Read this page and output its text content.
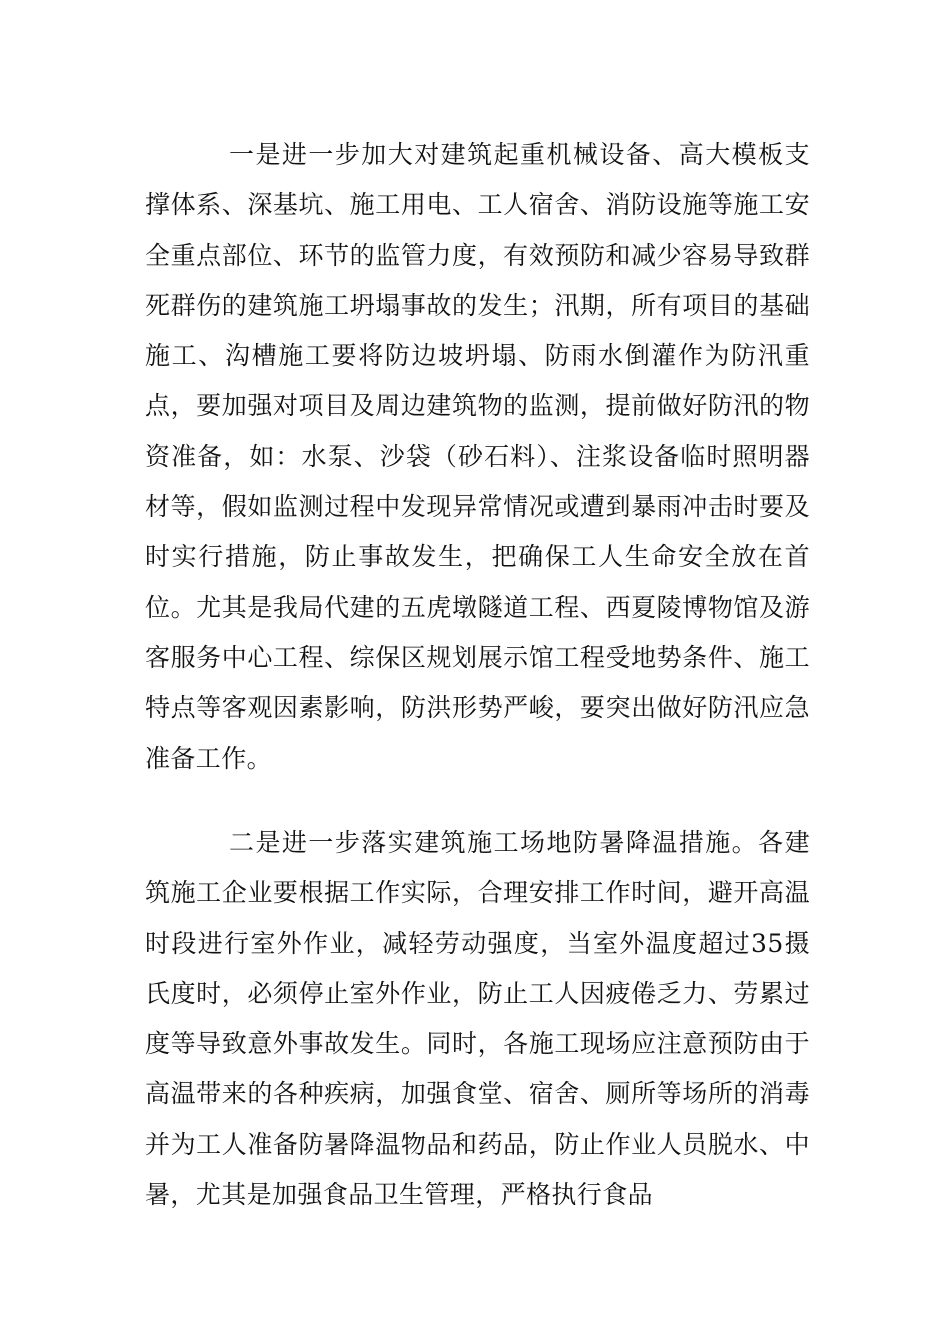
一是进一步加大对建筑起重机械设备、高大模板支撑体系、深基坑、施工用电、工人宿舍、消防设施等施工安全重点部位、环节的监管力度，有效预防和减少容易导致群死群伤的建筑施工坍塌事故的发生；汛期，所有项目的基础施工、沟槽施工要将防边坡坍塌、防雨水倒灌作为防汛重点，要加强对项目及周边建筑物的监测，提前做好防汛的物资准备，如：水泵、沙袋（砂石料）、注浆设备临时照明器材等，假如监测过程中发现异常情况或遭到暴雨冲击时要及时实行措施，防止事故发生，把确保工人生命安全放在首位。尤其是我局代建的五虎墩隧道工程、西夏陵博物馆及游客服务中心工程、综保区规划展示馆工程受地势条件、施工特点等客观因素影响，防洪形势严峻，要突出做好防汛应急准备工作。

二是进一步落实建筑施工场地防暑降温措施。各建筑施工企业要根据工作实际，合理安排工作时间，避开高温时段进行室外作业，减轻劳动强度，当室外温度超过35摄氏度时，必须停止室外作业，防止工人因疲倦乏力、劳累过度等导致意外事故发生。同时，各施工现场应注意预防由于高温带来的各种疾病，加强食堂、宿舍、厕所等场所的消毒并为工人准备防暑降温物品和药品，防止作业人员脱水、中暑，尤其是加强食品卫生管理，严格执行食品
